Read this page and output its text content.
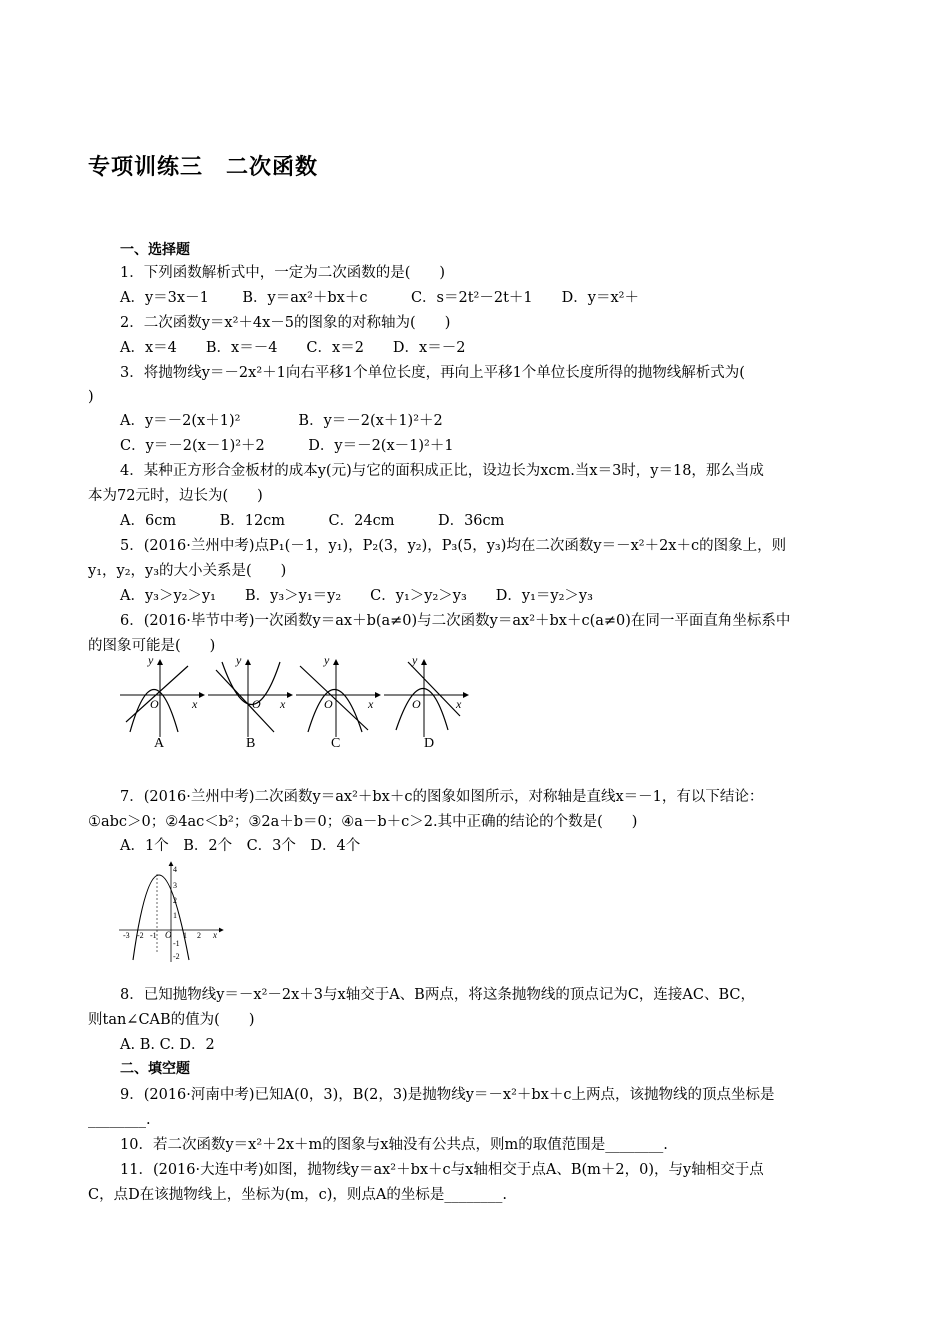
专项训练三　二次函数
一、选择题
1．下列函数解析式中，一定为二次函数的是(　　)
A．y＝3x－1　　 B．y＝ax²＋bx＋c　　　C．s＝2t²－2t＋1　　D．y＝x²＋
2．二次函数y＝x²＋4x－5的图象的对称轴为(　　)
A．x＝4　　B．x＝－4　　C．x＝2　　D．x＝－2
3．将抛物线y＝－2x²＋1向右平移1个单位长度，再向上平移1个单位长度所得的抛物线解析式为(
)
A．y＝－2(x＋1)²　　　　B．y＝－2(x＋1)²＋2
C．y＝－2(x－1)²＋2　　　D．y＝－2(x－1)²＋1
4．某种正方形合金板材的成本y(元)与它的面积成正比，设边长为xcm.当x＝3时，y＝18，那么当成
本为72元时，边长为(　　)
A．6cm　　　B．12cm　　　C．24cm　　　D．36cm
5．(2016·兰州中考)点P₁(－1，y₁)，P₂(3，y₂)，P₃(5，y₃)均在二次函数y＝－x²＋2x＋c的图象上，则
y₁，y₂，y₃的大小关系是(　　)
A．y₃＞y₂＞y₁　　B．y₃＞y₁＝y₂　　C．y₁＞y₂＞y₃　　D．y₁＝y₂＞y₃
6．(2016·毕节中考)一次函数y＝ax＋b(a≠0)与二次函数y＝ax²＋bx＋c(a≠0)在同一平面直角坐标系中
的图象可能是(　　)
O	x
y
O x
y
O	x
y
O	x
y
A	B	C	D
7．(2016·兰州中考)二次函数y＝ax²＋bx＋c的图象如图所示，对称轴是直线x＝－1，有以下结论：
①abc＞0；②4ac＜b²；③2a＋b＝0；④a－b＋c＞2.其中正确的结论的个数是(　　)
A．1个　B．2个　C．3个　D．4个
-3 -2 -1 O 1 2 x
4
3
2
1
-1
-2
8．已知抛物线y＝－x²－2x＋3与x轴交于A、B两点，将这条抛物线的顶点记为C，连接AC、BC，
则tan∠CAB的值为(　　)
A. B. C. D．2
二、填空题
9．(2016·河南中考)已知A(0，3)，B(2，3)是抛物线y＝－x²＋bx＋c上两点，该抛物线的顶点坐标是
________.
10．若二次函数y＝x²＋2x＋m的图象与x轴没有公共点，则m的取值范围是________.
11．(2016·大连中考)如图，抛物线y＝ax²＋bx＋c与x轴相交于点A、B(m＋2，0)，与y轴相交于点
C，点D在该抛物线上，坐标为(m，c)，则点A的坐标是________.
